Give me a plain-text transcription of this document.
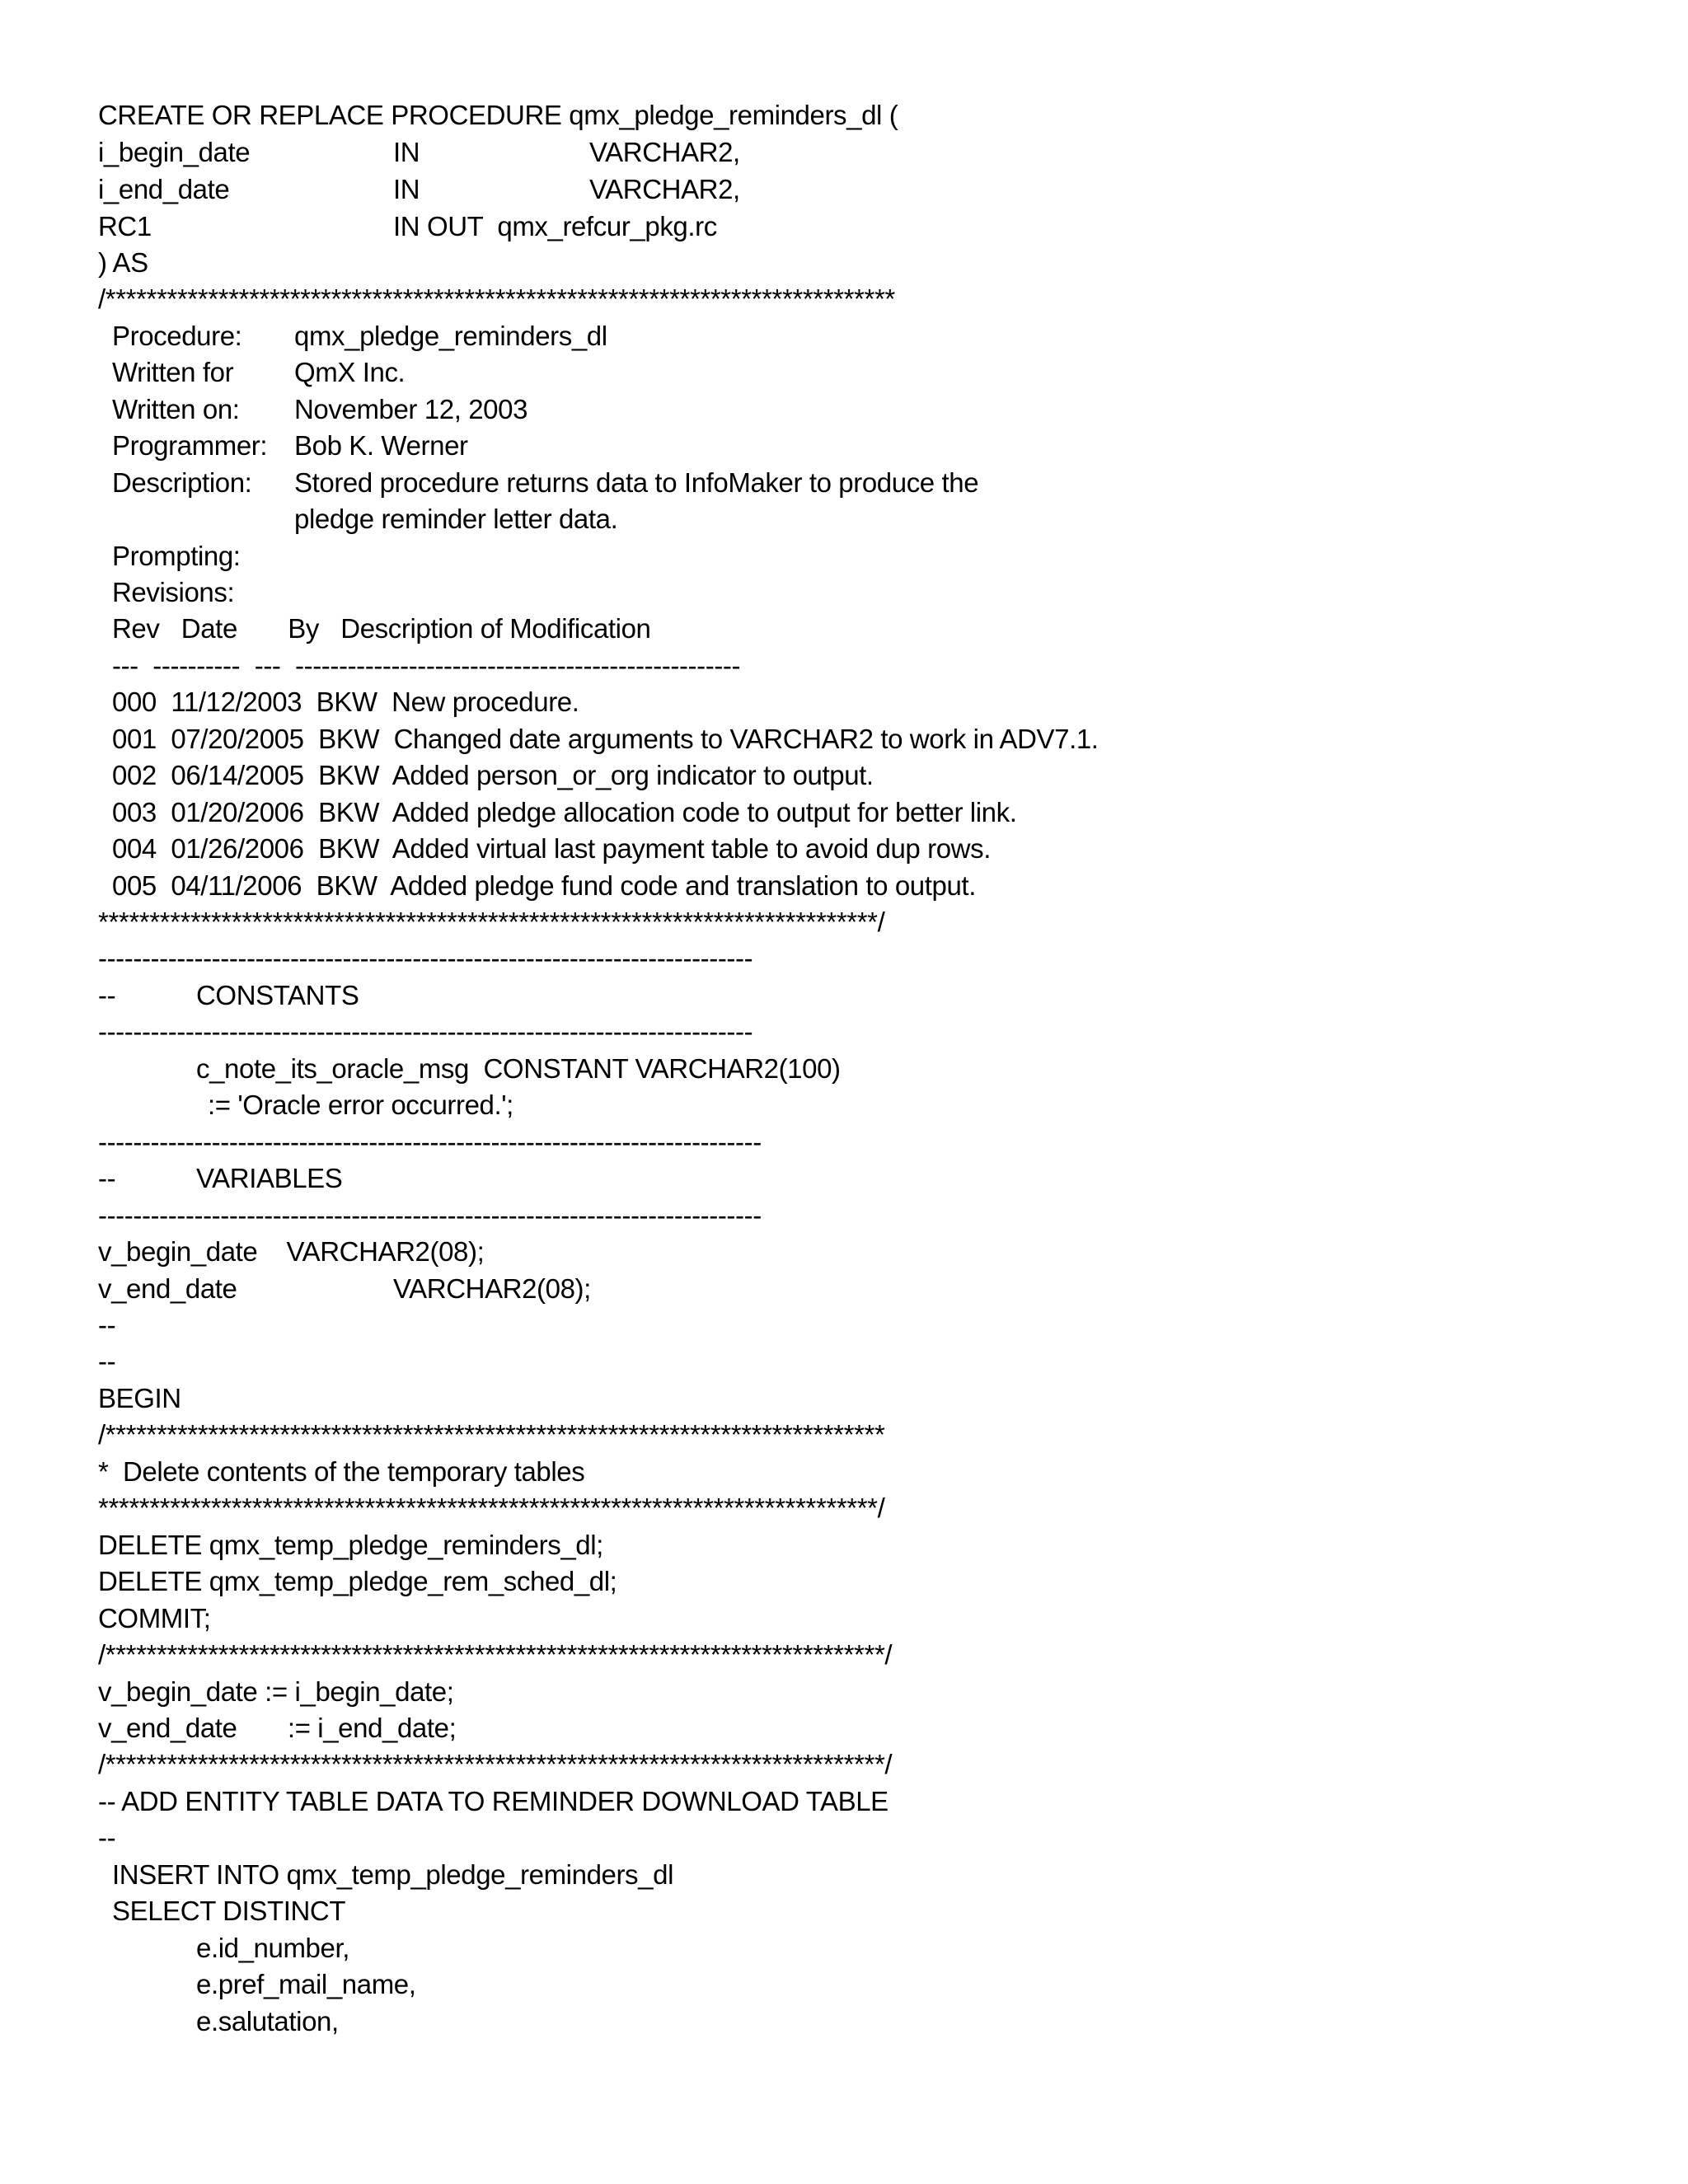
CREATE OR REPLACE PROCEDURE qmx_pledge_reminders_dl (
i_begin_date	IN	VARCHAR2,
i_end_date	IN	VARCHAR2,
RC1	IN OUT  qmx_refcur_pkg.rc
) AS
/*****************************************************************************
Procedure: qmx_pledge_reminders_dl
Written for QmX Inc.
Written on: November 12, 2003
Programmer: Bob K. Werner
Description: Stored procedure returns data to InfoMaker to produce the
pledge reminder letter data.
Prompting:
Revisions:
Rev   Date       By   Description of Modification
---  ----------  ---  ---------------------------------------------------
000  11/12/2003  BKW  New procedure.
001  07/20/2005  BKW  Changed date arguments to VARCHAR2 to work in ADV7.1.
002  06/14/2005  BKW  Added person_or_org indicator to output.
003  01/20/2006  BKW  Added pledge allocation code to output for better link.
004  01/26/2006  BKW  Added virtual last payment table to avoid dup rows.
005  04/11/2006  BKW  Added pledge fund code and translation to output.
****************************************************************************/
---------------------------------------------------------------------------
--	CONSTANTS
---------------------------------------------------------------------------
c_note_its_oracle_msg  CONSTANT VARCHAR2(100)
:= 'Oracle error occurred.';
----------------------------------------------------------------------------
--	VARIABLES
----------------------------------------------------------------------------
v_begin_date    VARCHAR2(08);
v_end_date	VARCHAR2(08);
--
--
BEGIN
/****************************************************************************
*  Delete contents of the temporary tables
****************************************************************************/
DELETE qmx_temp_pledge_reminders_dl;
DELETE qmx_temp_pledge_rem_sched_dl;
COMMIT;
/****************************************************************************/
v_begin_date := i_begin_date;
v_end_date       := i_end_date;
/****************************************************************************/
-- ADD ENTITY TABLE DATA TO REMINDER DOWNLOAD TABLE
--
INSERT INTO qmx_temp_pledge_reminders_dl
SELECT DISTINCT
e.id_number,
e.pref_mail_name,
e.salutation,
